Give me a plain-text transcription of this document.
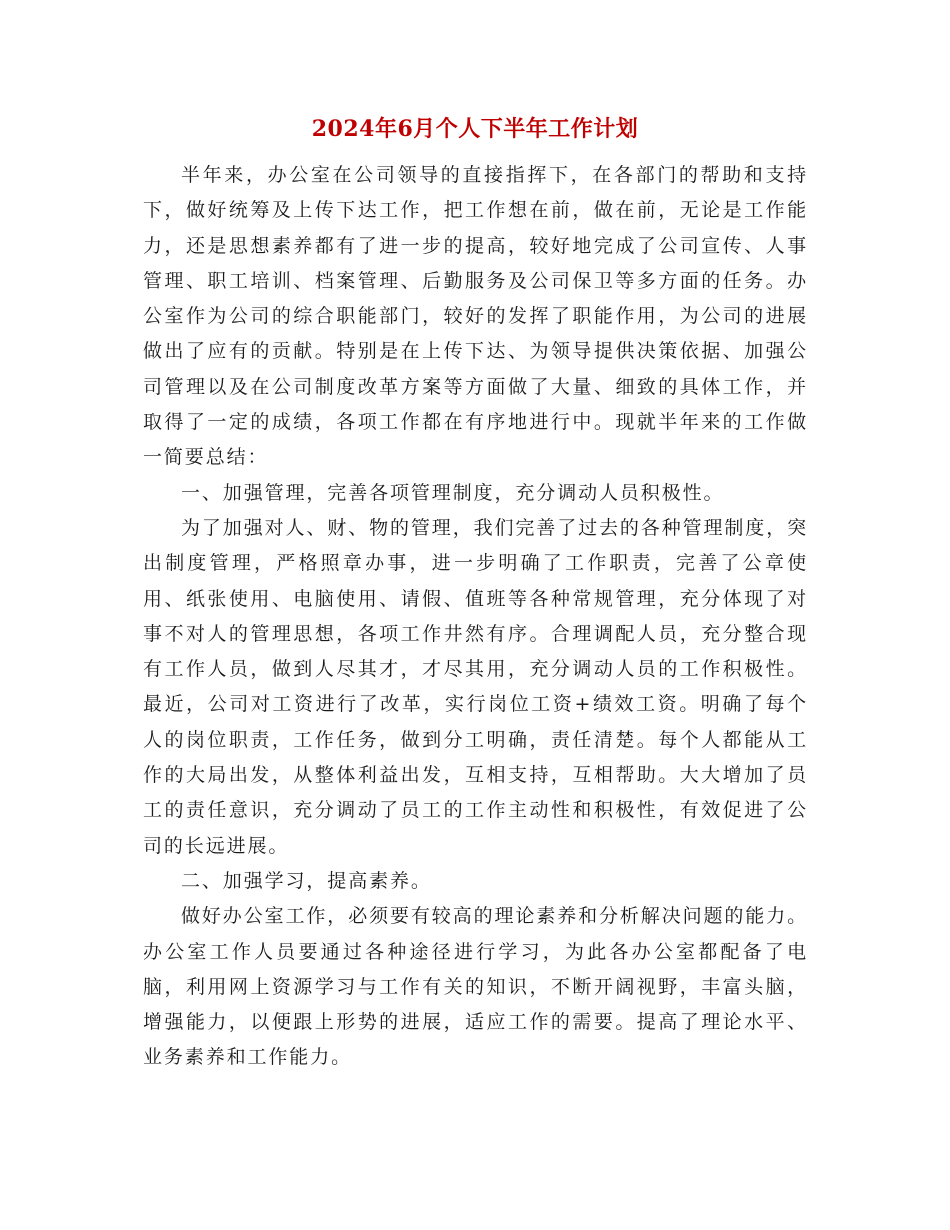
2024年6月个人下半年工作计划

半年来，办公室在公司领导的直接指挥下，在各部门的帮助和支持下，做好统筹及上传下达工作，把工作想在前，做在前，无论是工作能力，还是思想素养都有了进一步的提高，较好地完成了公司宣传、人事管理、职工培训、档案管理、后勤服务及公司保卫等多方面的任务。办公室作为公司的综合职能部门，较好的发挥了职能作用，为公司的进展做出了应有的贡献。特别是在上传下达、为领导提供决策依据、加强公司管理以及在公司制度改革方案等方面做了大量、细致的具体工作，并取得了一定的成绩，各项工作都在有序地进行中。现就半年来的工作做一简要总结：

一、加强管理，完善各项管理制度，充分调动人员积极性。

为了加强对人、财、物的管理，我们完善了过去的各种管理制度，突出制度管理，严格照章办事，进一步明确了工作职责，完善了公章使用、纸张使用、电脑使用、请假、值班等各种常规管理，充分体现了对事不对人的管理思想，各项工作井然有序。合理调配人员，充分整合现有工作人员，做到人尽其才，才尽其用，充分调动人员的工作积极性。最近，公司对工资进行了改革，实行岗位工资+绩效工资。明确了每个人的岗位职责，工作任务，做到分工明确，责任清楚。每个人都能从工作的大局出发，从整体利益出发，互相支持，互相帮助。大大增加了员工的责任意识，充分调动了员工的工作主动性和积极性，有效促进了公司的长远进展。

二、加强学习，提高素养。

做好办公室工作，必须要有较高的理论素养和分析解决问题的能力。办公室工作人员要通过各种途径进行学习，为此各办公室都配备了电脑，利用网上资源学习与工作有关的知识，不断开阔视野，丰富头脑，增强能力，以便跟上形势的进展，适应工作的需要。提高了理论水平、业务素养和工作能力。
